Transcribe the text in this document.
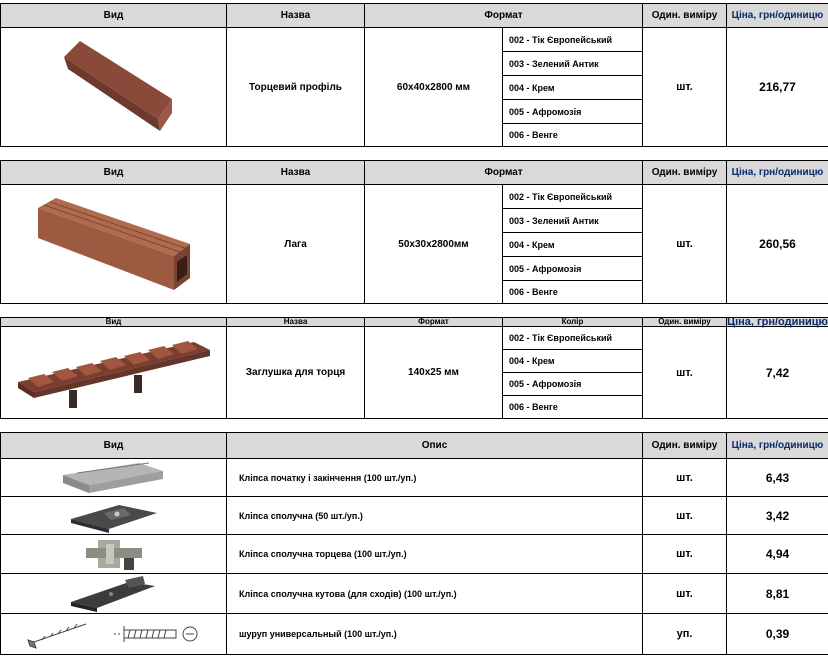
Вид	Назва	Формат		Один. виміру	Ціна, грн/одиницю

	Торцевий профіль	60x40x2800 мм	002 - Тік Європейський	шт.	216,77
			003 - Зелений Антик		
			004 - Крем		
			005 - Афромозія		
			006 - Венге		
Вид	Назва	Формат		Один. виміру	Ціна, грн/одиницю

	Лага	50x30x2800мм	002 - Тік Європейський	шт.	260,56
			003 - Зелений Антик		
			004 - Крем		
			005 - Афромозія		
			006 - Венге		
Вид	Назва	Формат	Колір	Один. виміру	Ціна, грн/одиницю

	Заглушка для торця	140x25 мм	002 - Тік Європейський	шт.	7,42
			004 - Крем		
			005 - Афромозія		
			006 - Венге		
Вид	Опис	Один. виміру	Ціна, грн/одиницю

	Кліпса початку і закінчення (100 шт./уп.)	шт.	6,43

	Кліпса сполучна (50 шт./уп.)	шт.	3,42

	Кліпса сполучна торцева (100 шт./уп.)	шт.	4,94

	Кліпса сполучна кутова (для сходів) (100 шт./уп.)	шт.	8,81

	шуруп универсальный (100 шт./уп.)	уп.	0,39
